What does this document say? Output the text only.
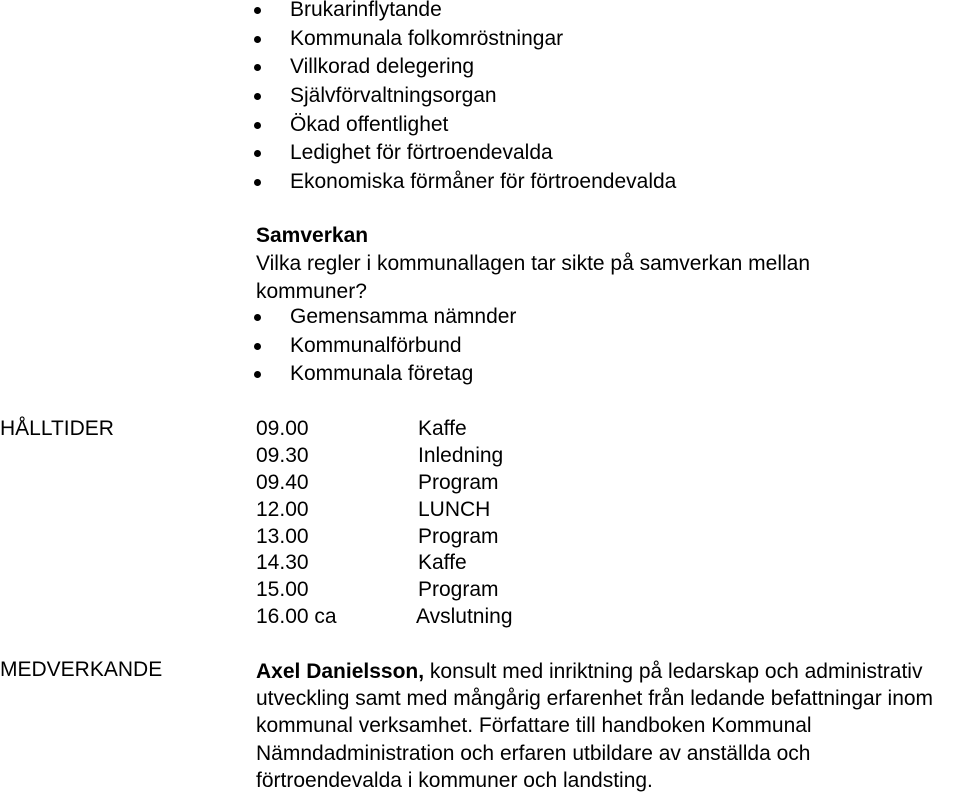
Brukarinflytande
Kommunala folkomröstningar
Villkorad delegering
Självförvaltningsorgan
Ökad offentlighet
Ledighet för förtroendevalda
Ekonomiska förmåner för förtroendevalda
Samverkan
Vilka regler i kommunallagen tar sikte på samverkan mellan kommuner?
Gemensamma nämnder
Kommunalförbund
Kommunala företag
HÅLLTIDER	09.00	Kaffe
09.30	Inledning
09.40	Program
12.00	LUNCH
13.00	Program
14.30	Kaffe
15.00	Program
16.00 ca	Avslutning
MEDVERKANDE	Axel Danielsson, konsult med inriktning på ledarskap och administrativ utveckling samt med mångårig erfarenhet från ledande befattningar inom kommunal verksamhet. Författare till handboken Kommunal Nämndadministration och erfaren utbildare av anställda och förtroendevalda i kommuner och landsting.
